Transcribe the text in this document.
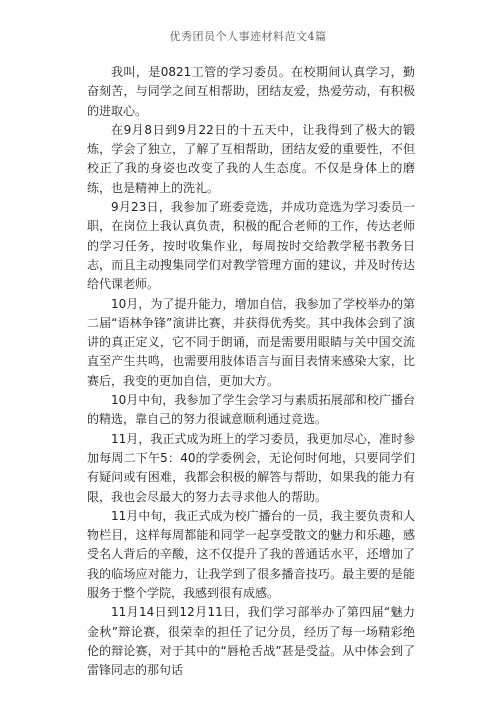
优秀团员个人事迹材料范文4篇

我叫，是0821工管的学习委员。在校期间认真学习，勤奋刻苦，与同学之间互相帮助，团结友爱，热爱劳动，有积极的进取心。

在9月8日到9月22日的十五天中，让我得到了极大的锻炼，学会了独立，了解了互相帮助，团结友爱的重要性，不但校正了我的身姿也改变了我的人生态度。不仅是身体上的磨练，也是精神上的洗礼。

9月23日，我参加了班委竞选，并成功竞选为学习委员一职，在岗位上我认真负责，积极的配合老师的工作，传达老师的学习任务，按时收集作业，每周按时交给教学秘书教务日志，而且主动搜集同学们对教学管理方面的建议，并及时传达给代课老师。

10月，为了提升能力，增加自信，我参加了学校举办的第二届“语林争锋”演讲比赛，并获得优秀奖。其中我体会到了演讲的真正定义，它不同于朗诵，而是需要用眼睛与关中国交流直至产生共鸣，也需要用肢体语言与面目表情来感染大家，比赛后，我变的更加自信，更加大方。

10月中旬，我参加了学生会学习与素质拓展部和校广播台的精选，靠自己的努力很诚意顺利通过竞选。

11月，我正式成为班上的学习委员，我更加尽心，准时参加每周二下午5：40的学委例会，无论何时何地，只要同学们有疑问或有困难，我都会积极的解答与帮助，如果我的能力有限，我也会尽最大的努力去寻求他人的帮助。

11月中旬，我正式成为校广播台的一员，我主要负责和人物栏目，这样每周都能和同学一起享受散文的魅力和乐趣，感受名人背后的辛酸，这不仅提升了我的普通话水平，还增加了我的临场应对能力，让我学到了很多播音技巧。最主要的是能服务于整个学院，我感到很有成感。

11月14日到12月11日，我们学习部举办了第四届“魅力金秋”辩论赛，很荣幸的担任了记分员，经历了每一场精彩绝伦的辩论赛，对于其中的“唇枪舌战”甚是受益。从中体会到了雷锋同志的那句话
